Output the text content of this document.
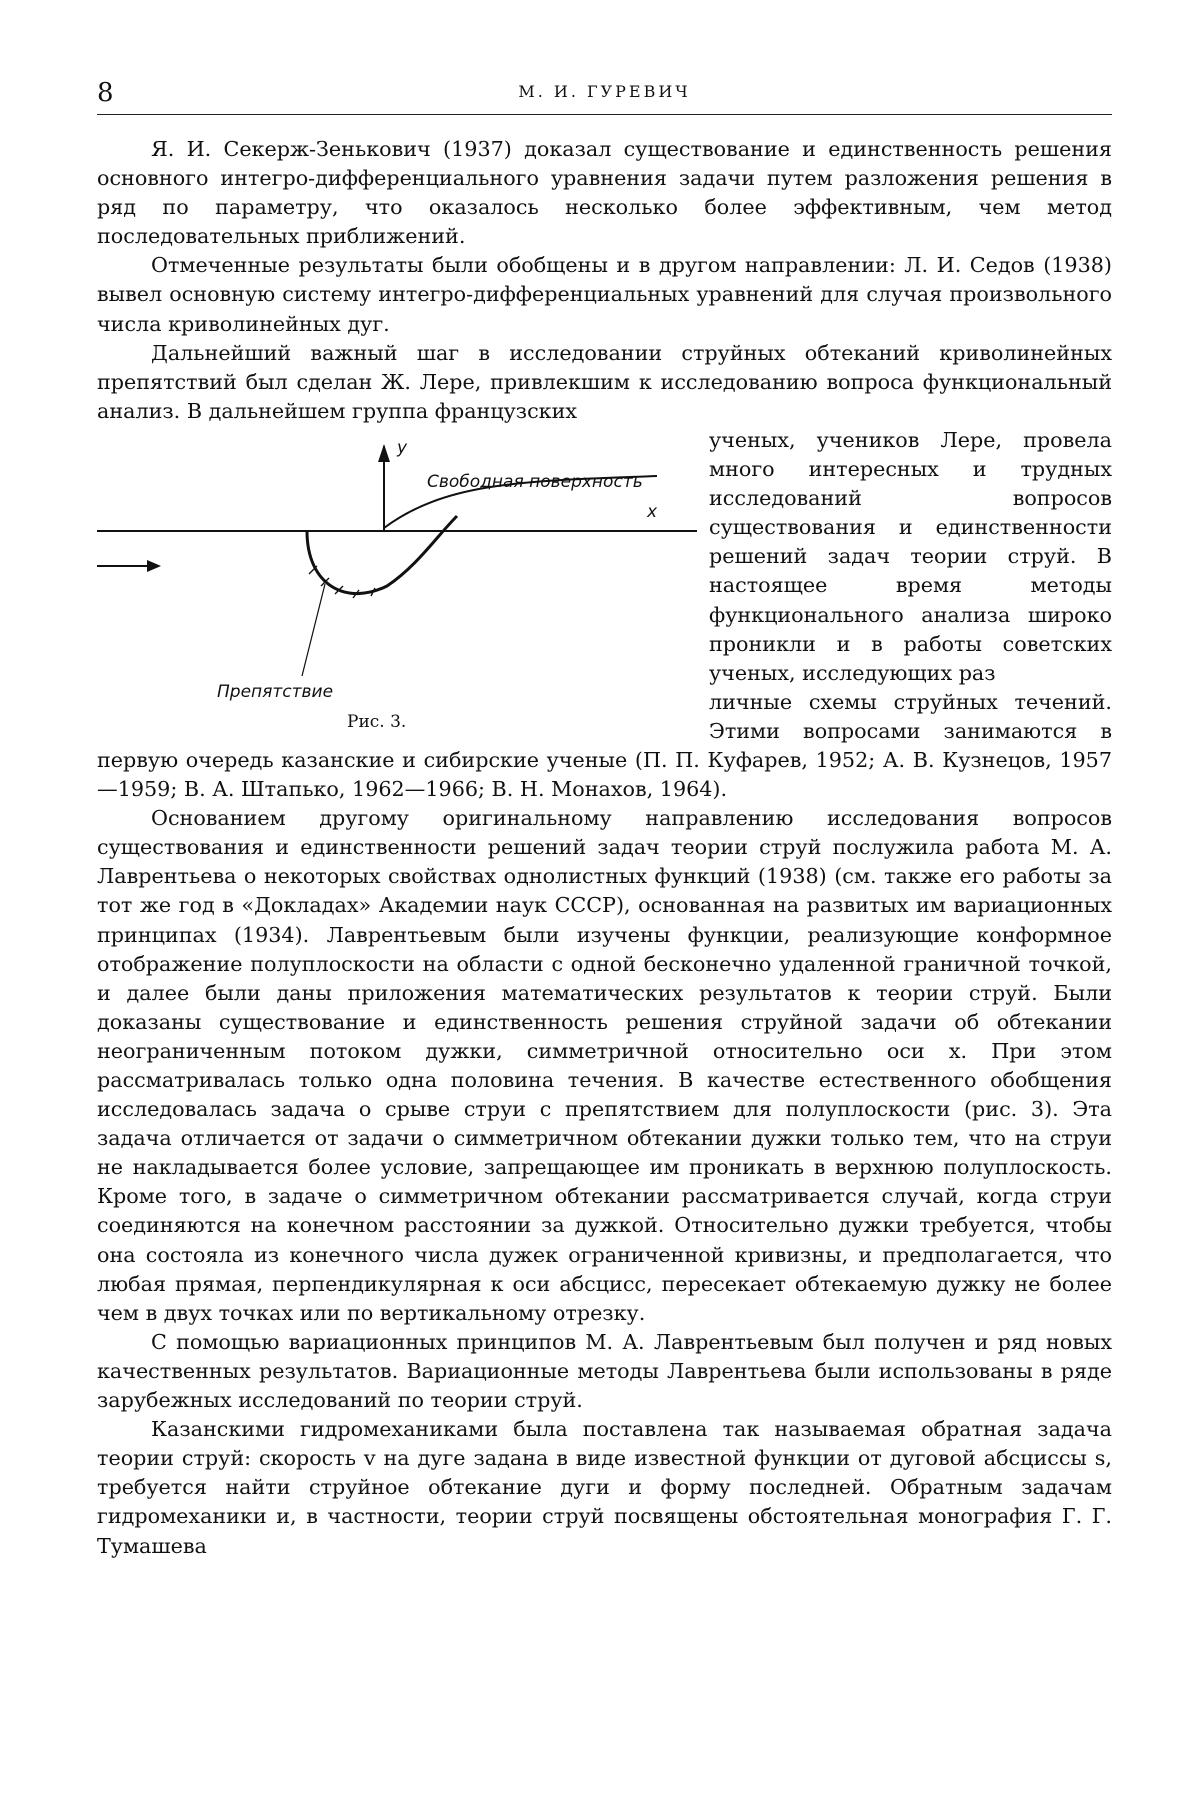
8	М. И. ГУРЕВИЧ

Я. И. Секерж-Зенькович (1937) доказал существование и единственность решения основного интегро-дифференциального уравнения задачи путем разложения решения в ряд по параметру, что оказалось несколько более эффективным, чем метод последовательных приближений.

Отмеченные результаты были обобщены и в другом направлении: Л. И. Седов (1938) вывел основную систему интегро-дифференциальных уравнений для случая произвольного числа криволинейных дуг.

Дальнейший важный шаг в исследовании струйных обтеканий криволинейных препятствий был сделан Ж. Лере, привлекшим к исследованию вопроса функциональный анализ. В дальнейшем группа французских

y
x
Свободная поверхность
Препятствие
Рис. 3.

ученых, учеников Лере, провела много интересных и трудных исследований вопросов существования и единственности решений задач теории струй. В настоящее время методы функционального анализа широко проникли и в работы советских ученых, исследующих раз

личные схемы струйных течений. Этими вопросами занимаются в первую очередь казанские и сибирские ученые (П. П. Куфарев, 1952; А. В. Кузнецов, 1957—1959; В. А. Штапько, 1962—1966; В. Н. Монахов, 1964).

Основанием другому оригинальному направлению исследования вопросов существования и единственности решений задач теории струй послужила работа М. А. Лаврентьева о некоторых свойствах однолистных функций (1938) (см. также его работы за тот же год в «Докладах» Академии наук СССР), основанная на развитых им вариационных принципах (1934). Лаврентьевым были изучены функции, реализующие конформное отображение полуплоскости на области с одной бесконечно удаленной граничной точкой, и далее были даны приложения математических результатов к теории струй. Были доказаны существование и единственность решения струйной задачи об обтекании неограниченным потоком дужки, симметричной относительно оси x. При этом рассматривалась только одна половина течения. В качестве естественного обобщения исследовалась задача о срыве струи с препятствием для полуплоскости (рис. 3). Эта задача отличается от задачи о симметричном обтекании дужки только тем, что на струи не накладывается более условие, запрещающее им проникать в верхнюю полуплоскость. Кроме того, в задаче о симметричном обтекании рассматривается случай, когда струи соединяются на конечном расстоянии за дужкой. Относительно дужки требуется, чтобы она состояла из конечного числа дужек ограниченной кривизны, и предполагается, что любая прямая, перпендикулярная к оси абсцисс, пересекает обтекаемую дужку не более чем в двух точках или по вертикальному отрезку.

С помощью вариационных принципов М. А. Лаврентьевым был получен и ряд новых качественных результатов. Вариационные методы Лаврентьева были использованы в ряде зарубежных исследований по теории струй.

Казанскими гидромеханиками была поставлена так называемая обратная задача теории струй: скорость v на дуге задана в виде известной функции от дуговой абсциссы s, требуется найти струйное обтекание дуги и форму последней. Обратным задачам гидромеханики и, в частности, теории струй посвящены обстоятельная монография Г. Г. Тумашева
